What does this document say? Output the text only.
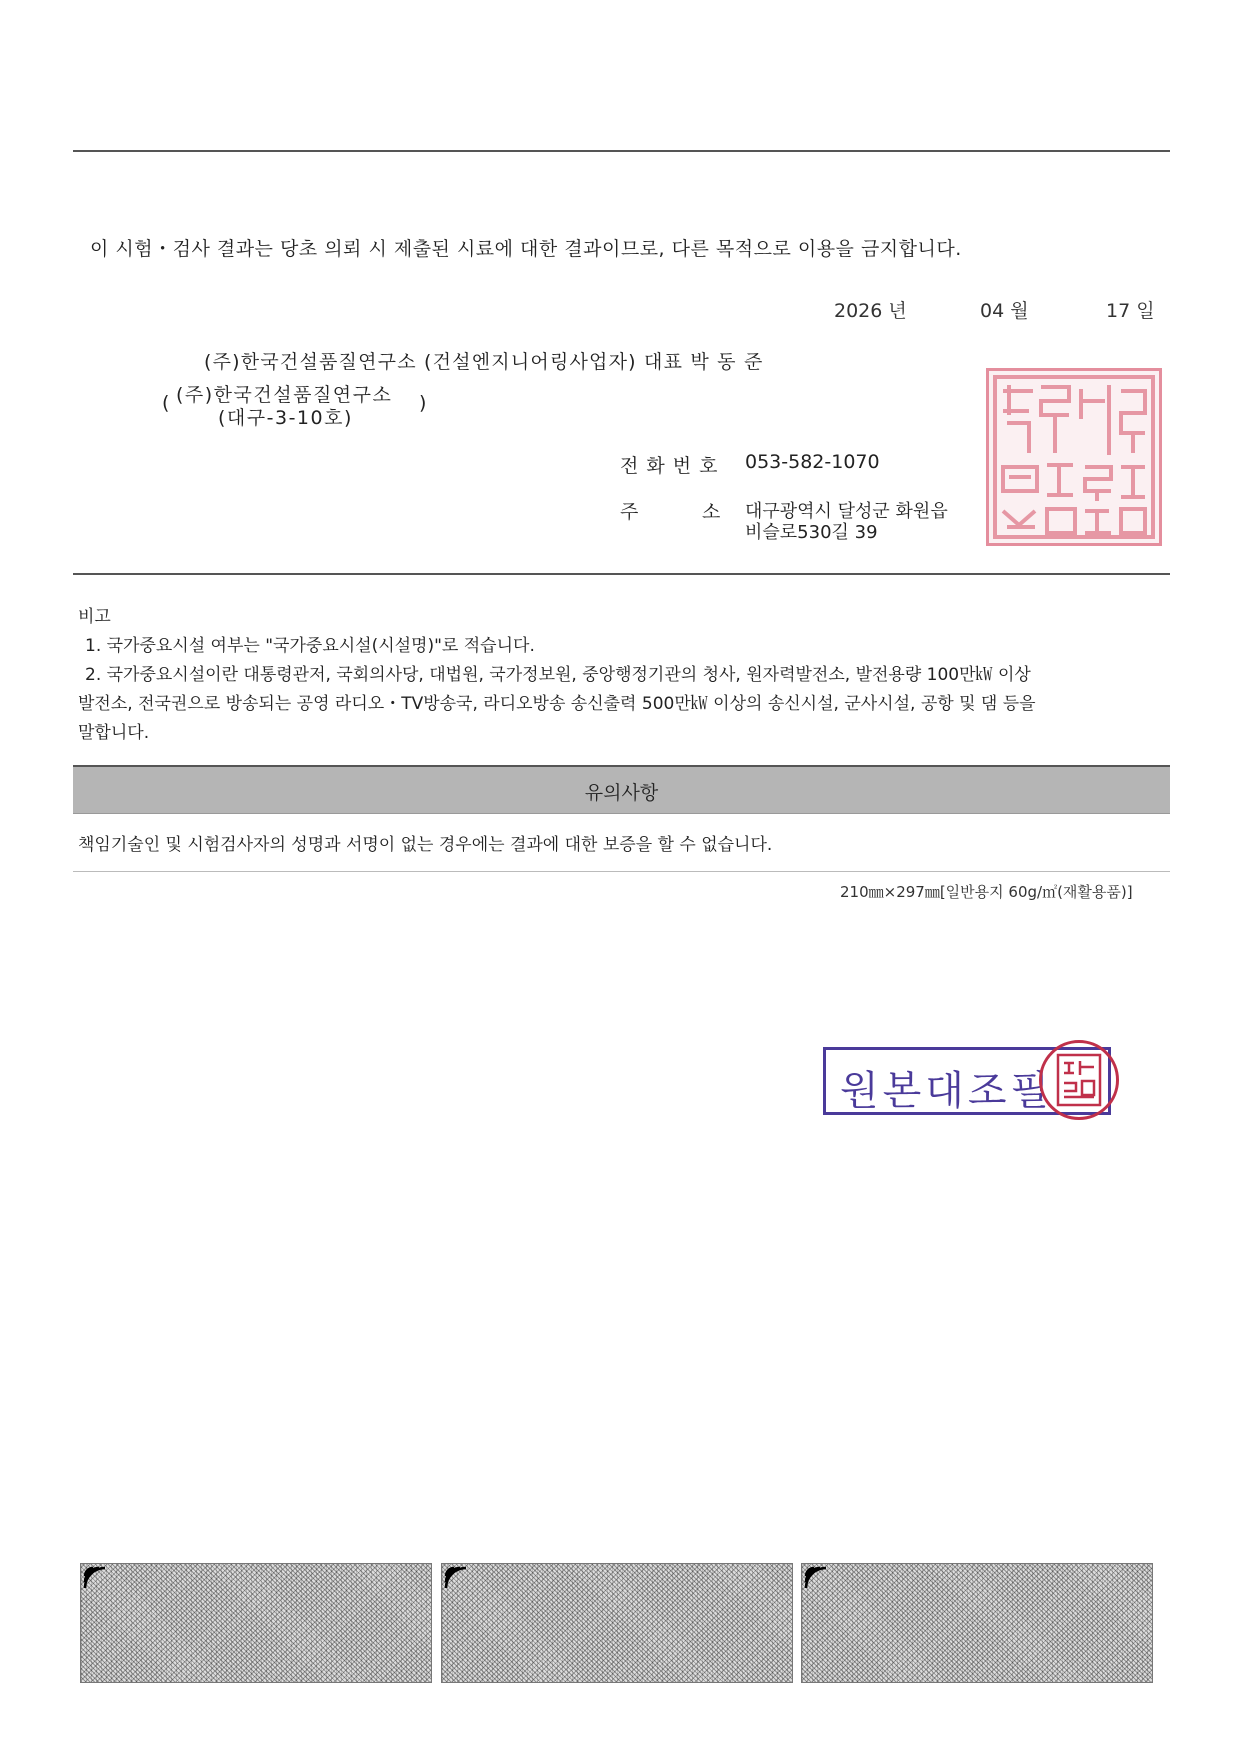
이 시험・검사 결과는 당초 의뢰 시 제출된 시료에 대한 결과이므로, 다른 목적으로 이용을 금지합니다.
2026 년	04 월	17 일
(주)한국건설품질연구소 (건설엔지니어링사업자) 대표 박 동 준
( (주)한국건설품질연구소
(대구-3-10호)
)
전 화 번 호 053-582-1070
주	소 대구광역시 달성군 화원읍
비슬로530길 39
비고
1. 국가중요시설 여부는 "국가중요시설(시설명)"로 적습니다.
2. 국가중요시설이란 대통령관저, 국회의사당, 대법원, 국가정보원, 중앙행정기관의 청사, 원자력발전소, 발전용량 100만㎾ 이상
발전소, 전국권으로 방송되는 공영 라디오・TV방송국, 라디오방송 송신출력 500만㎾ 이상의 송신시설, 군사시설, 공항 및 댐 등을
말합니다.
유의사항
책임기술인 및 시험검사자의 성명과 서명이 없는 경우에는 결과에 대한 보증을 할 수 없습니다.
210㎜×297㎜[일반용지 60g/㎡(재활용품)]
원본대조필
